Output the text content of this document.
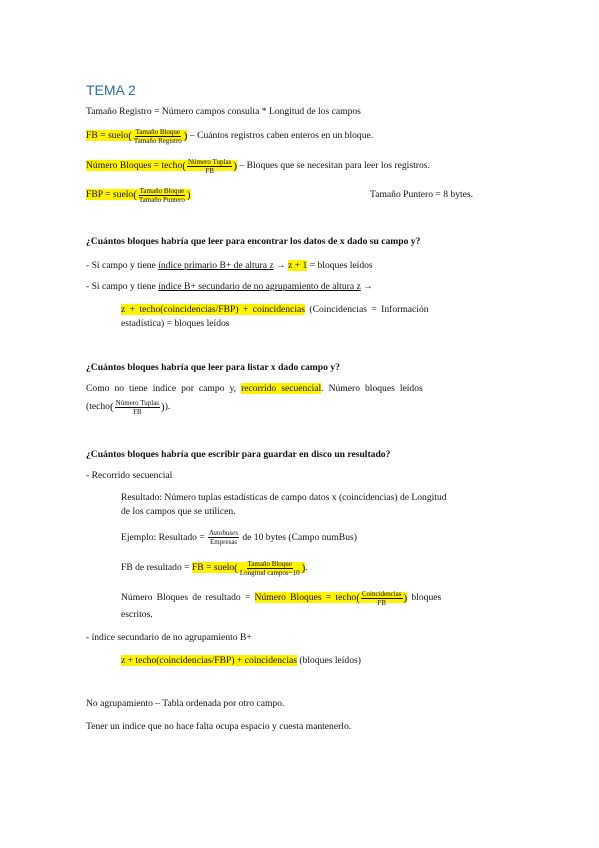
TEMA 2
Tamaño Registro = Número campos consulta * Longitud de los campos
FB = suelo( $\frac{\text{Tamaño Bloque}}{\text{Tamaño Registro}}$ ) – Cuántos registros caben enteros en un bloque.
Número Bloques = techo( $\frac{\text{Número Tuplas}}{FB}$ ) – Bloques que se necesitan para leer los registros.
FBP = suelo( $\frac{\text{Tamaño Bloque}}{\text{Tamaño Puntero}}$ )	Tamaño Puntero = 8 bytes.
¿Cuántos bloques habría que leer para encontrar los datos de x dado su campo y?
- Si campo y tiene índice primario B+ de altura z → z + 1 = bloques leídos
- Si campo y tiene índice B+ secundario de no agrupamiento de altura z →
z + techo(coincidencias/FBP) + coincidencias (Coincidencias = Información
estadística) = bloques leídos
¿Cuántos bloques habría que leer para listar x dado campo y?
Como no tiene índice por campo y, recorrido secuencial. Número bloques leídos
(techo( $\frac{\text{Número Tuplas}}{FB}$ )).
¿Cuántos bloques habría que escribir para guardar en disco un resultado?
- Recorrido secuencial
Resultado: Número tuplas estadísticas de campo datos x (coincidencias) de Longitud
de los campos que se utilicen.
Ejemplo: Resultado = $\frac{\text{Autobuses}}{\text{Empresas}}$ de 10 bytes (Campo numBus)
FB de resultado = FB = suelo( $\frac{\text{Tamaño Bloque}}{\text{Longitud campos−10}}$ ).
Número Bloques de resultado = Número Bloques = techo( $\frac{\text{Coincidencias}}{FB}$ ) bloques
escritos.
- índice secundario de no agrupamiento B+
z + techo(coincidencias/FBP) + coincidencias (bloques leídos)
No agrupamiento – Tabla ordenada por otro campo.
Tener un índice que no hace falta ocupa espacio y cuesta mantenerlo.
